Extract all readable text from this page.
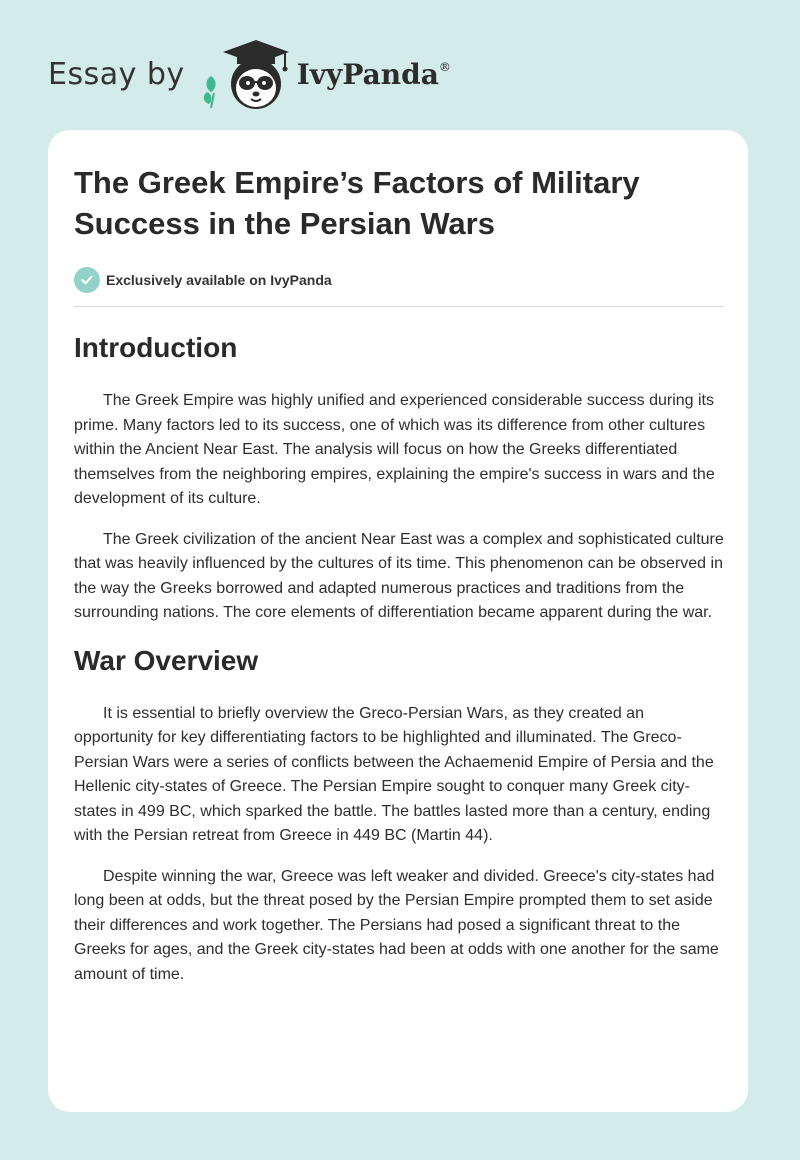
Essay by	IvyPanda®
The Greek Empire’s Factors of Military Success in the Persian Wars
Exclusively available on IvyPanda
Introduction

The Greek Empire was highly unified and experienced considerable success during its prime. Many factors led to its success, one of which was its difference from other cultures within the Ancient Near East. The analysis will focus on how the Greeks differentiated themselves from the neighboring empires, explaining the empire's success in wars and the development of its culture.

The Greek civilization of the ancient Near East was a complex and sophisticated culture that was heavily influenced by the cultures of its time. This phenomenon can be observed in the way the Greeks borrowed and adapted numerous practices and traditions from the surrounding nations. The core elements of differentiation became apparent during the war.

War Overview

It is essential to briefly overview the Greco-Persian Wars, as they created an opportunity for key differentiating factors to be highlighted and illuminated. The Greco-Persian Wars were a series of conflicts between the Achaemenid Empire of Persia and the Hellenic city-states of Greece. The Persian Empire sought to conquer many Greek city-states in 499 BC, which sparked the battle. The battles lasted more than a century, ending with the Persian retreat from Greece in 449 BC (Martin 44).

Despite winning the war, Greece was left weaker and divided. Greece's city-states had long been at odds, but the threat posed by the Persian Empire prompted them to set aside their differences and work together. The Persians had posed a significant threat to the Greeks for ages, and the Greek city-states had been at odds with one another for the same amount of time.
